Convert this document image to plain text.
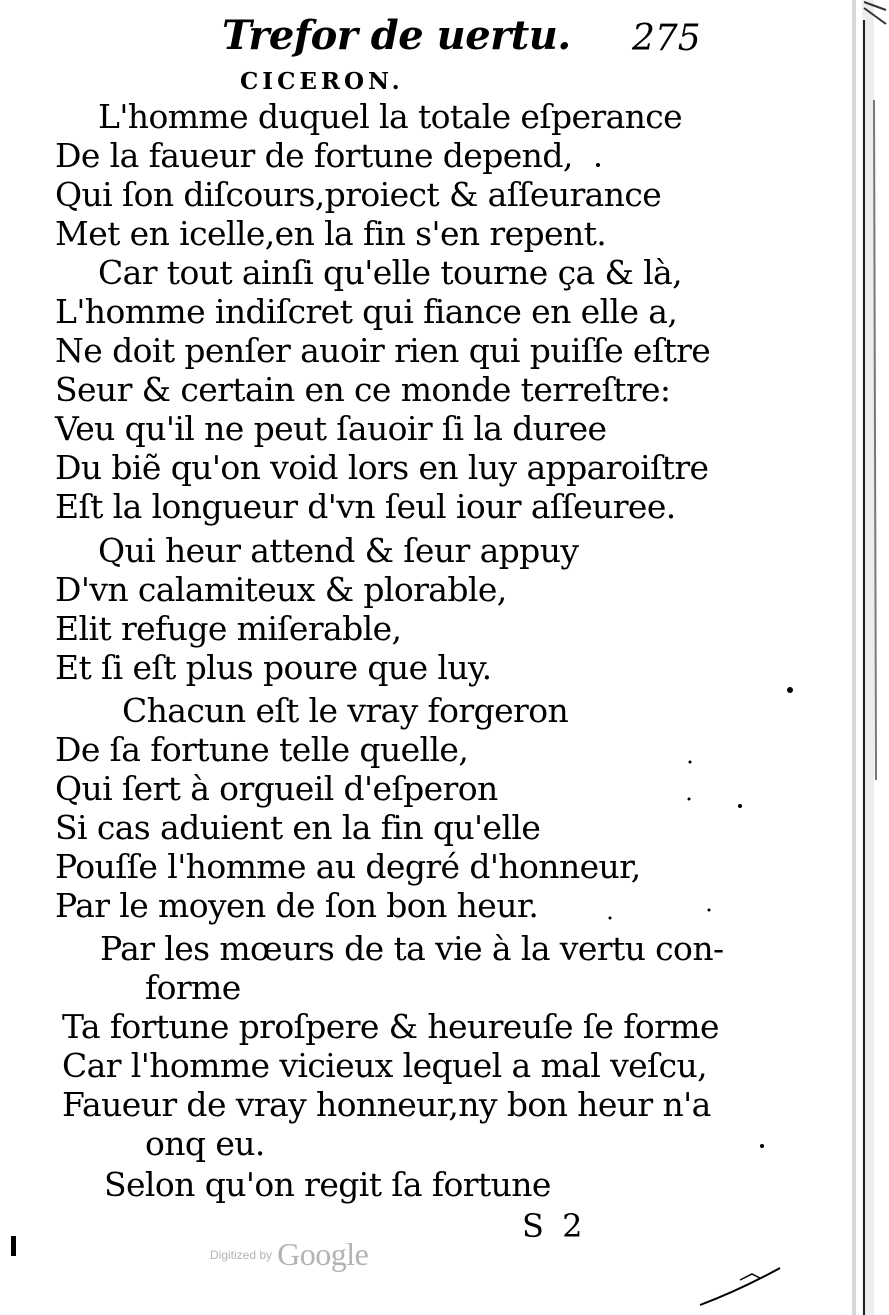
Trefor de uertu. 275
CICERON.
L'homme duquel la totale eſperance
De la faueur de fortune depend,
Qui ſon diſcours,proiect & aſſeurance
Met en icelle,en la fin s'en repent.
Car tout ainſi qu'elle tourne ça & là,
L'homme indiſcret qui fiance en elle a,
Ne doit penſer auoir rien qui puiſſe eſtre
Seur & certain en ce monde terreſtre:
Veu qu'il ne peut ſauoir ſi la duree
Du biẽ qu'on void lors en luy apparoiſtre
Eſt la longueur d'vn ſeul iour aſſeuree.
Qui heur attend & ſeur appuy
D'vn calamiteux & plorable,
Elit refuge miſerable,
Et ſi eſt plus poure que luy.
Chacun eſt le vray forgeron
De ſa fortune telle quelle,
Qui ſert à orgueil d'eſperon
Si cas aduient en la fin qu'elle
Pouſſe l'homme au degré d'honneur,
Par le moyen de ſon bon heur.
Par les mœurs de ta vie à la vertu con-
forme
Ta fortune proſpere & heureuſe ſe forme
Car l'homme vicieux lequel a mal veſcu,
Faueur de vray honneur,ny bon heur n'a
onq eu.
Selon qu'on regit ſa fortune
S 2
$^{Digitized by}$ Google
